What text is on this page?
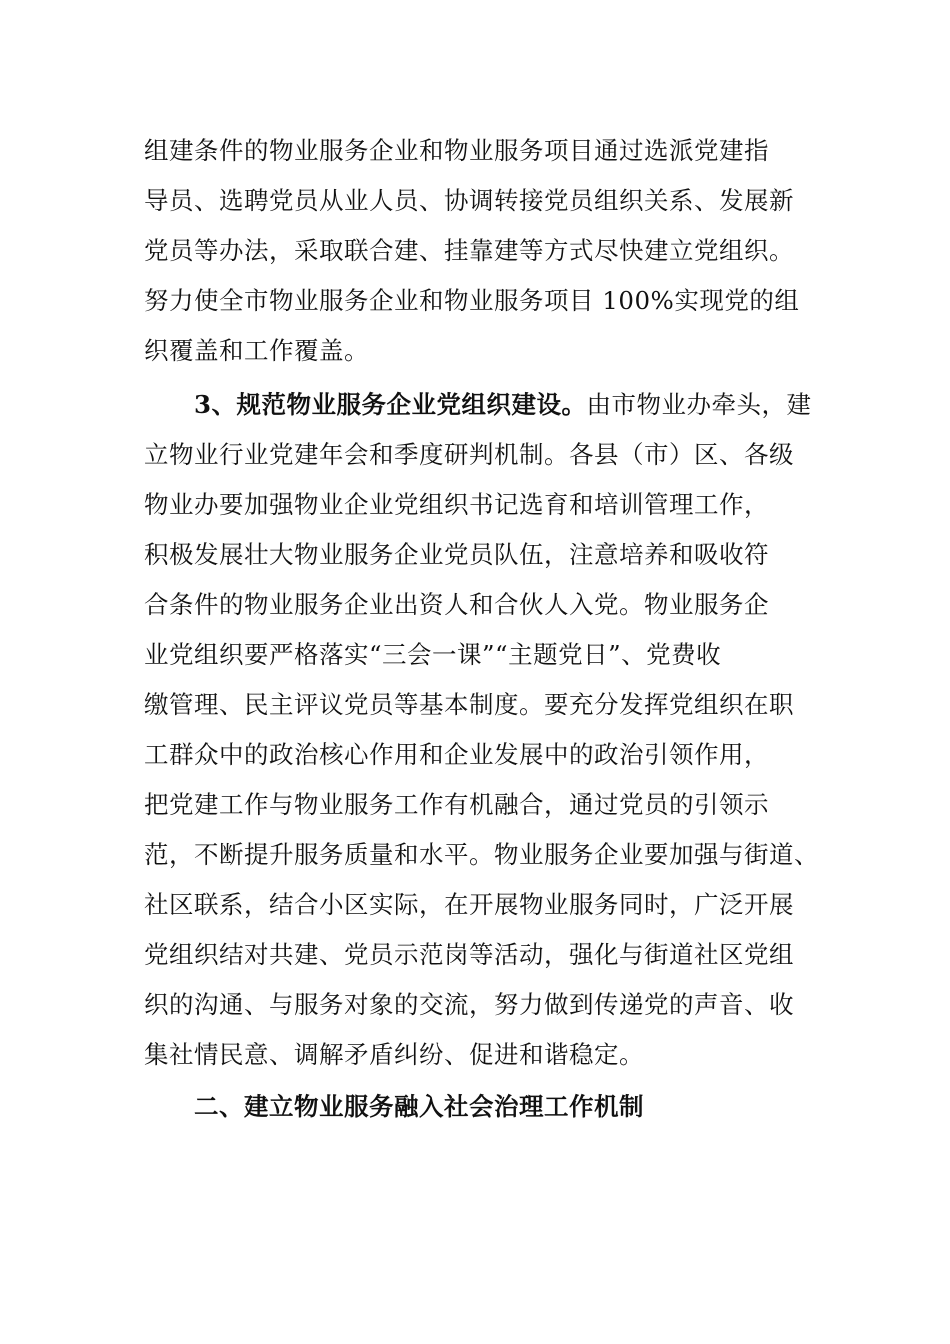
组建条件的物业服务企业和物业服务项目通过选派党建指
导员、选聘党员从业人员、协调转接党员组织关系、发展新
党员等办法，采取联合建、挂靠建等方式尽快建立党组织。
努力使全市物业服务企业和物业服务项目 100%实现党的组
织覆盖和工作覆盖。
3、规范物业服务企业党组织建设。由市物业办牵头，建
立物业行业党建年会和季度研判机制。各县（市）区、各级
物业办要加强物业企业党组织书记选育和培训管理工作，
积极发展壮大物业服务企业党员队伍，注意培养和吸收符
合条件的物业服务企业出资人和合伙人入党。物业服务企
业党组织要严格落实“三会一课”“主题党日”、党费收
缴管理、民主评议党员等基本制度。要充分发挥党组织在职
工群众中的政治核心作用和企业发展中的政治引领作用，
把党建工作与物业服务工作有机融合，通过党员的引领示
范，不断提升服务质量和水平。物业服务企业要加强与街道、
社区联系，结合小区实际，在开展物业服务同时，广泛开展
党组织结对共建、党员示范岗等活动，强化与街道社区党组
织的沟通、与服务对象的交流，努力做到传递党的声音、收
集社情民意、调解矛盾纠纷、促进和谐稳定。
二、建立物业服务融入社会治理工作机制
